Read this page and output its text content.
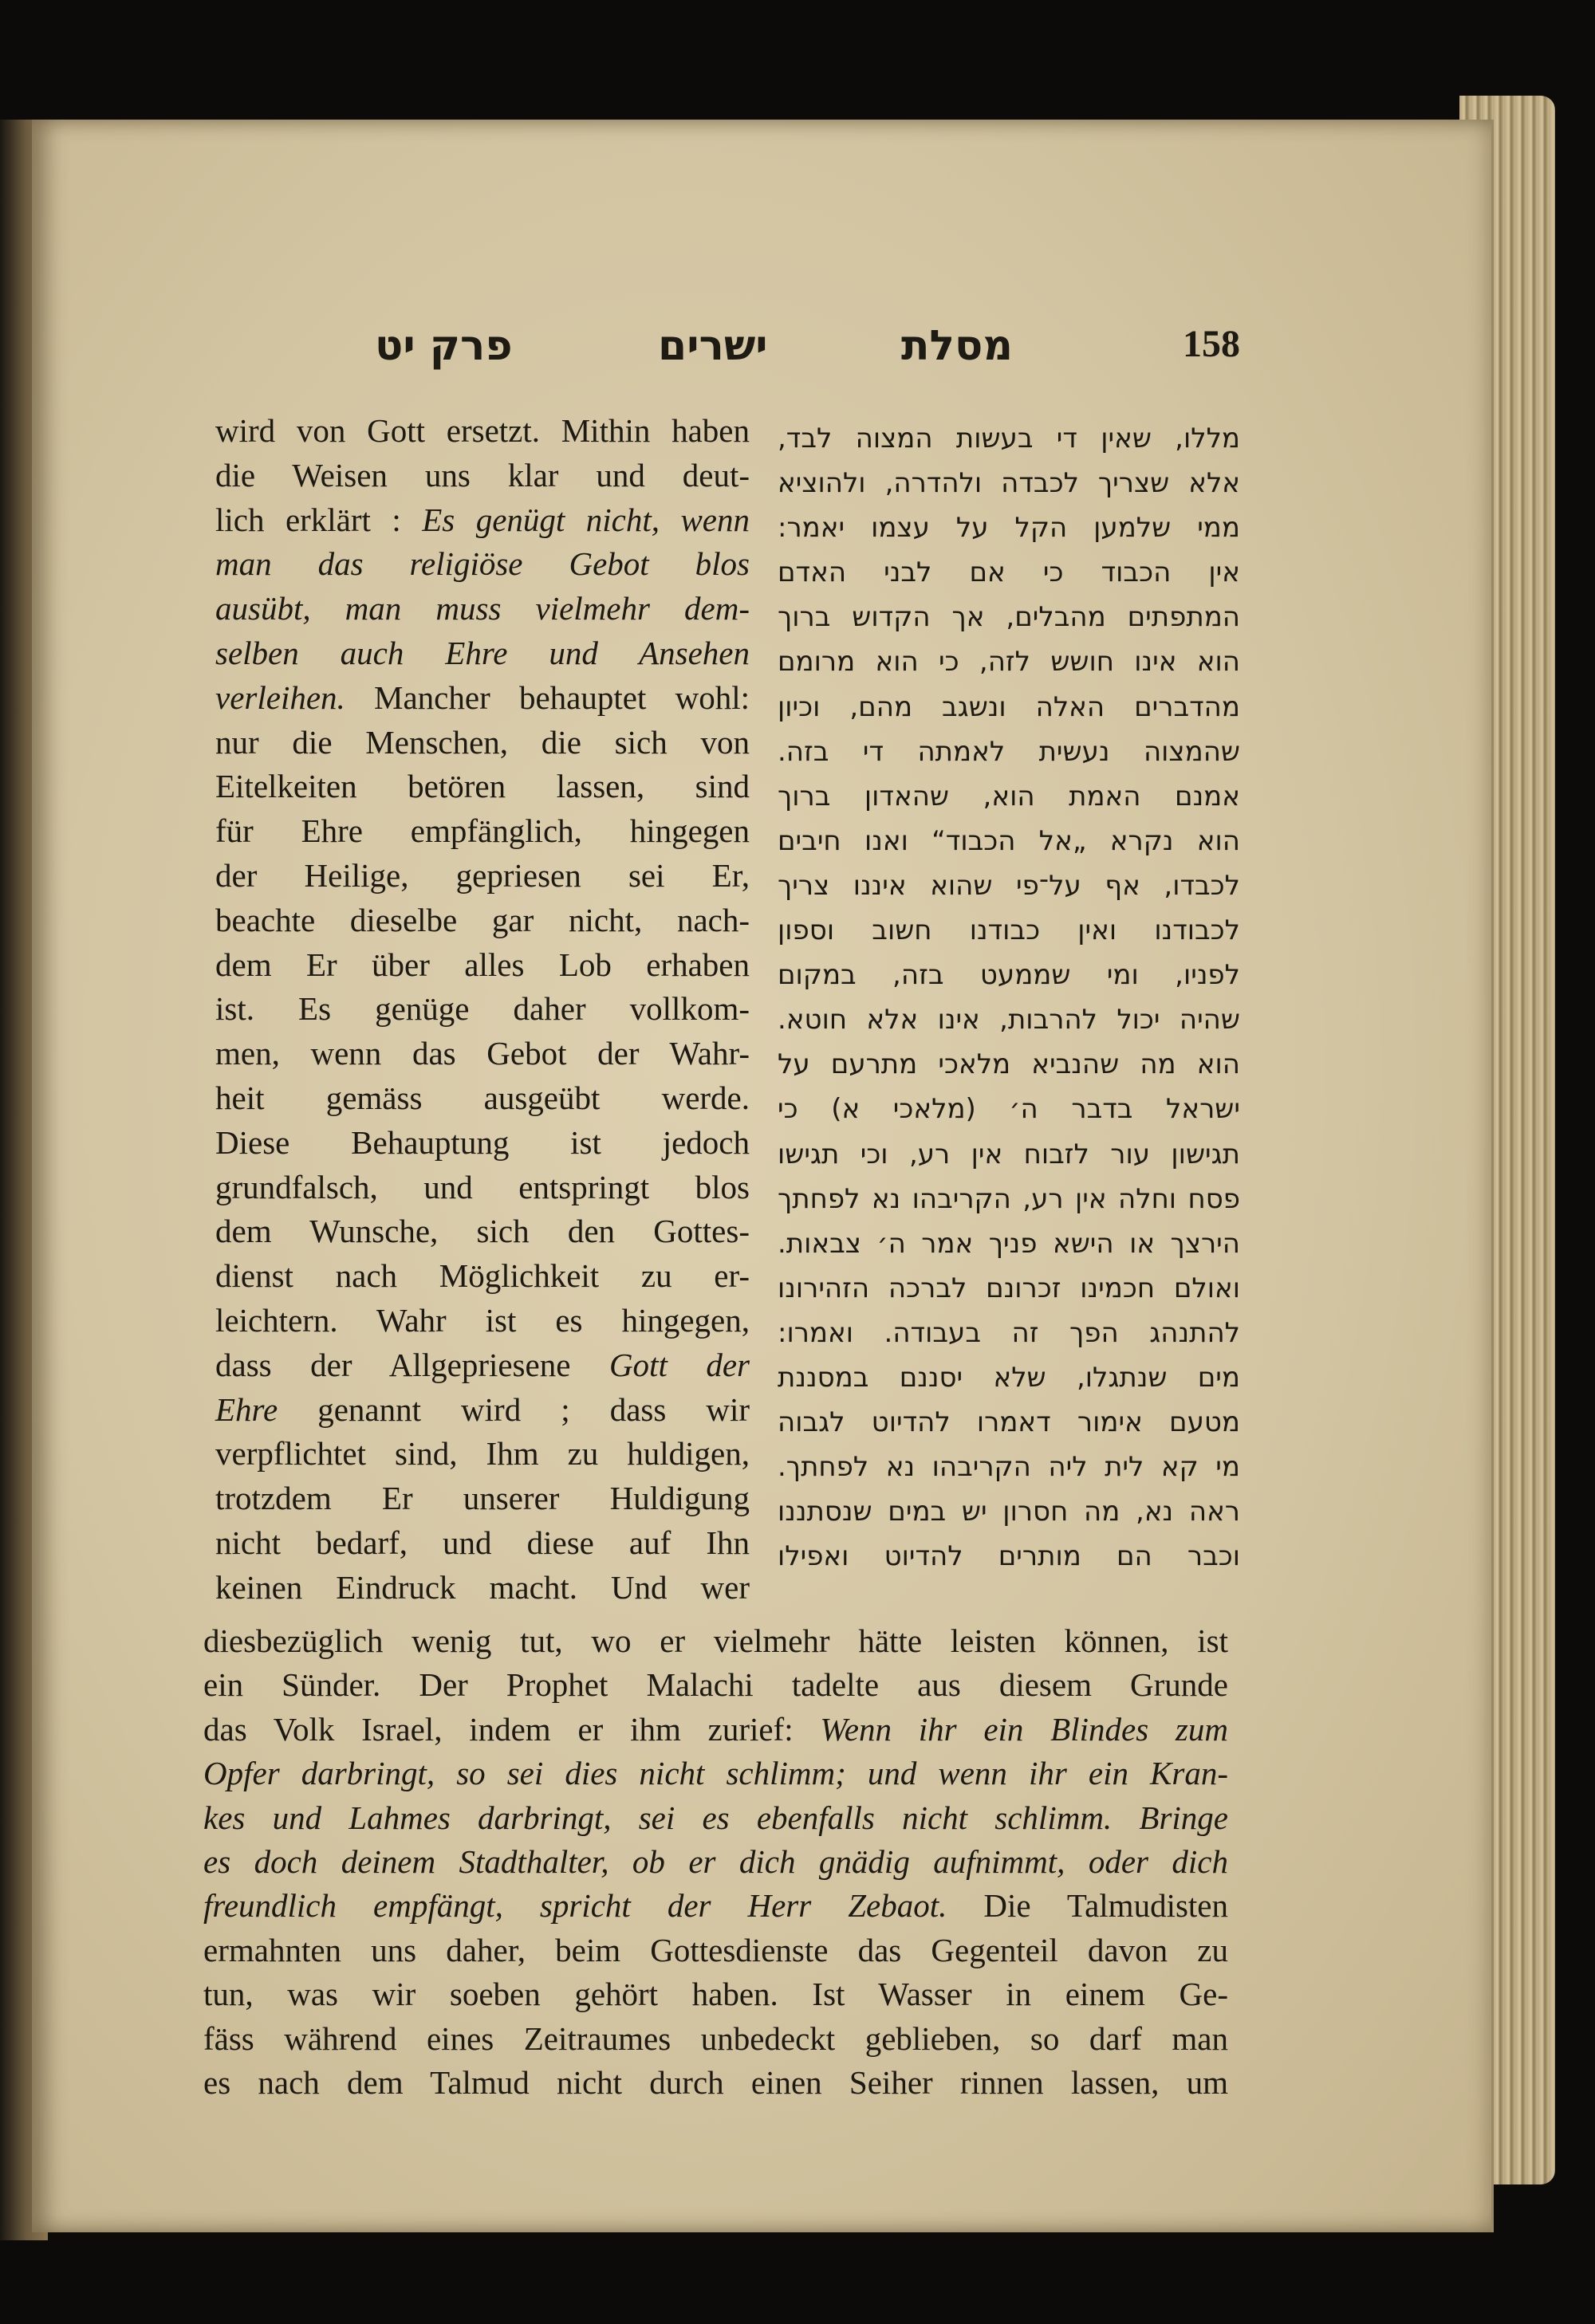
פרק יט	ישרים	מסלת	158
wird von Gott ersetzt. Mithin haben
die Weisen uns klar und deut-
lich erklärt : Es genügt nicht, wenn
man das religiöse Gebot blos
ausübt, man muss vielmehr dem-
selben auch Ehre und Ansehen
verleihen. Mancher behauptet wohl:
nur die Menschen, die sich von
Eitelkeiten betören lassen, sind
für Ehre empfänglich, hingegen
der Heilige, gepriesen sei Er,
beachte dieselbe gar nicht, nach-
dem Er über alles Lob erhaben
ist. Es genüge daher vollkom-
men, wenn das Gebot der Wahr-
heit gemäss ausgeübt werde.
Diese Behauptung ist jedoch
grundfalsch, und entspringt blos
dem Wunsche, sich den Gottes-
dienst nach Möglichkeit zu er-
leichtern. Wahr ist es hingegen,
dass der Allgepriesene Gott der
Ehre genannt wird ; dass wir
verpflichtet sind, Ihm zu huldigen,
trotzdem Er unserer Huldigung
nicht bedarf, und diese auf Ihn
keinen Eindruck macht. Und wer
מללו, שאין די בעשות המצוה לבד,
אלא שצריך לכבדה ולהדרה, ולהוציא
ממי שלמען הקל על עצמו יאמר:
אין הכבוד כי אם לבני האדם
המתפתים מהבלים, אך הקדוש ברוך
הוא אינו חושש לזה, כי הוא מרומם
מהדברים האלה ונשגב מהם, וכיון
שהמצוה נעשית לאמתה די בזה.
אמנם האמת הוא, שהאדון ברוך
הוא נקרא „אל הכבוד“ ואנו חיבים
לכבדו, אף על־פי שהוא איננו צריך
לכבודנו ואין כבודנו חשוב וספון
לפניו, ומי שממעט בזה, במקום
שהיה יכול להרבות, אינו אלא חוטא.
הוא מה שהנביא מלאכי מתרעם על
ישראל בדבר ה׳ (מלאכי א) כי
תגישון עור לזבוח אין רע, וכי תגישו
פסח וחלה אין רע, הקריבהו נא לפחתך
הירצך או הישא פניך אמר ה׳ צבאות.
ואולם חכמינו זכרונם לברכה הזהירונו
להתנהג הפך זה בעבודה. ואמרו:
מים שנתגלו, שלא יסננם במסננת
מטעם אימור דאמרו להדיוט לגבוה
מי קא לית ליה הקריבהו נא לפחתך.
ראה נא, מה חסרון יש במים שנסתננו
וכבר הם מותרים להדיוט ואפילו
diesbezüglich wenig tut, wo er vielmehr hätte leisten können, ist
ein Sünder. Der Prophet Malachi tadelte aus diesem Grunde
das Volk Israel, indem er ihm zurief: Wenn ihr ein Blindes zum
Opfer darbringt, so sei dies nicht schlimm; und wenn ihr ein Kran-
kes und Lahmes darbringt, sei es ebenfalls nicht schlimm. Bringe
es doch deinem Stadthalter, ob er dich gnädig aufnimmt, oder dich
freundlich empfängt, spricht der Herr Zebaot. Die Talmudisten
ermahnten uns daher, beim Gottesdienste das Gegenteil davon zu
tun, was wir soeben gehört haben. Ist Wasser in einem Ge-
fäss während eines Zeitraumes unbedeckt geblieben, so darf man
es nach dem Talmud nicht durch einen Seiher rinnen lassen, um
